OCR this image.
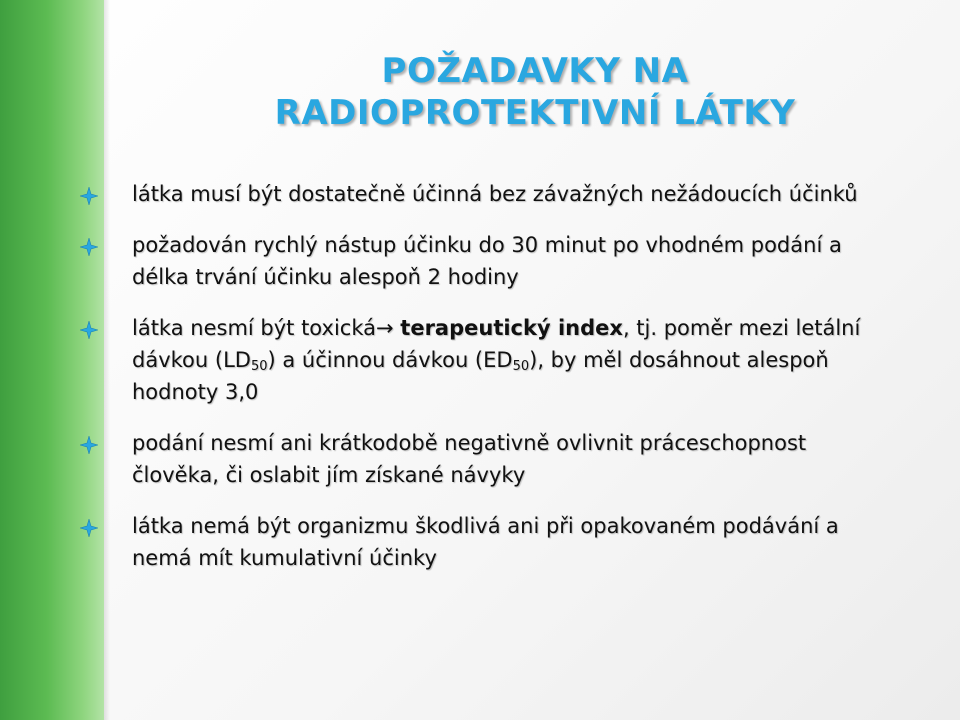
POŽADAVKY NA
RADIOPROTEKTIVNÍ LÁTKY
látka musí být dostatečně účinná bez závažných nežádoucích účinků
požadován rychlý nástup účinku do 30 minut po vhodném podání a délka trvání účinku alespoň 2 hodiny
látka nesmí být toxická→ terapeutický index, tj. poměr mezi letální dávkou $(LD_{50})$ a účinnou dávkou $(ED_{50})$, by měl dosáhnout alespoň hodnoty 3,0
podání nesmí ani krátkodobě negativně ovlivnit práceschopnost člověka, či oslabit jím získané návyky
látka nemá být organizmu škodlivá ani při opakovaném podávání a nemá mít kumulativní účinky
